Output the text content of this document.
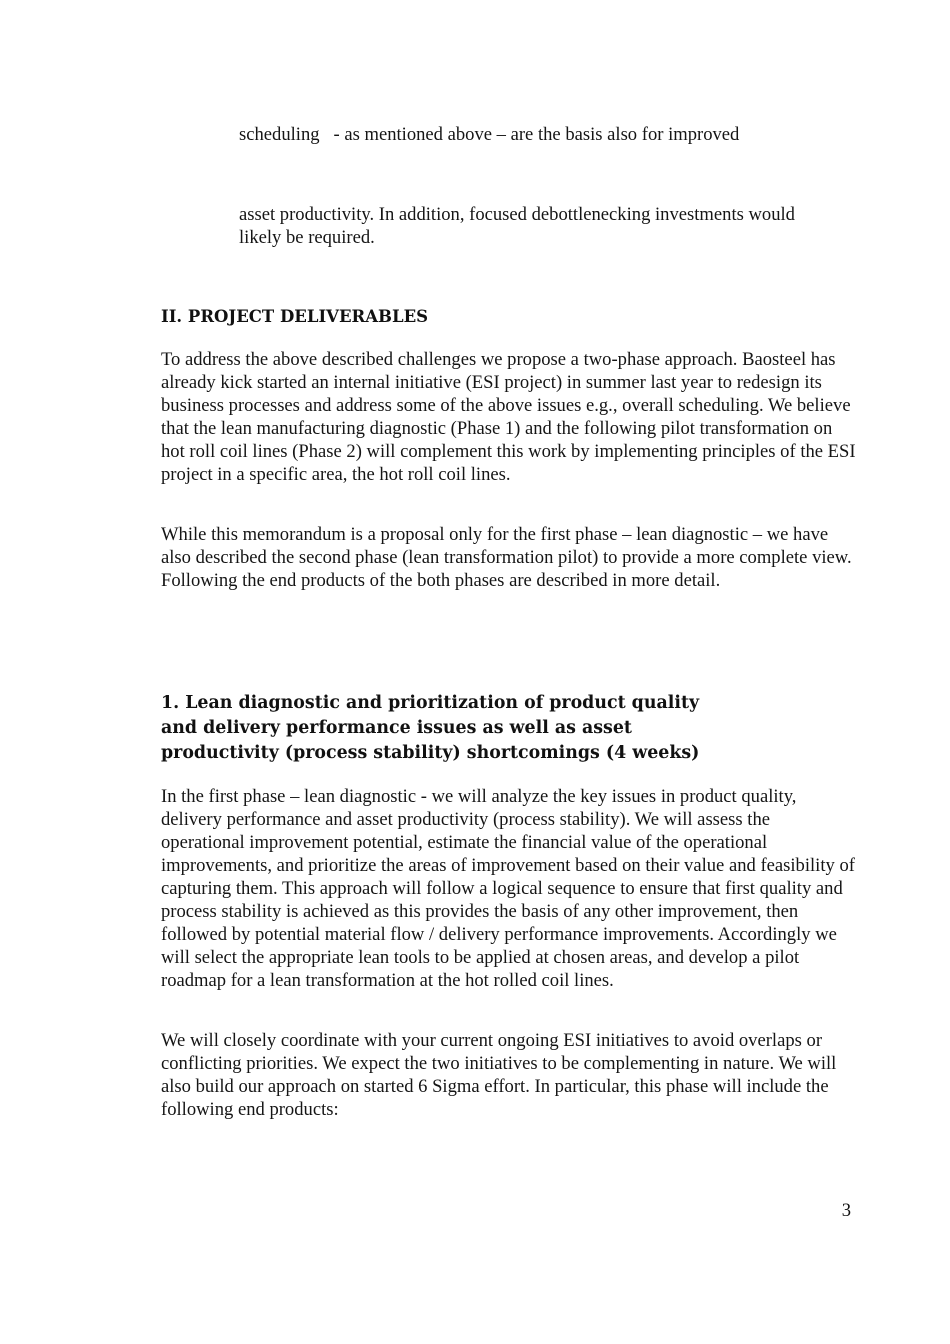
scheduling   - as mentioned above – are the basis also for improved

asset productivity. In addition, focused debottlenecking investments would likely be required.

II. PROJECT DELIVERABLES

To address the above described challenges we propose a two-phase approach. Baosteel has already kick started an internal initiative (ESI project) in summer last year to redesign its business processes and address some of the above issues e.g., overall scheduling. We believe that the lean manufacturing diagnostic (Phase 1) and the following pilot transformation on hot roll coil lines (Phase 2) will complement this work by implementing principles of the ESI project in a specific area, the hot roll coil lines.

While this memorandum is a proposal only for the first phase – lean diagnostic – we have also described the second phase (lean transformation pilot) to provide a more complete view. Following the end products of the both phases are described in more detail.

1. Lean diagnostic and prioritization of product quality and delivery performance issues as well as asset productivity (process stability) shortcomings (4 weeks)

In the first phase – lean diagnostic - we will analyze the key issues in product quality, delivery performance and asset productivity (process stability). We will assess the operational improvement potential, estimate the financial value of the operational improvements, and prioritize the areas of improvement based on their value and feasibility of capturing them. This approach will follow a logical sequence to ensure that first quality and process stability is achieved as this provides the basis of any other improvement, then followed by potential material flow / delivery performance improvements. Accordingly we will select the appropriate lean tools to be applied at chosen areas, and develop a pilot roadmap for a lean transformation at the hot rolled coil lines.

We will closely coordinate with your current ongoing ESI initiatives to avoid overlaps or conflicting priorities. We expect the two initiatives to be complementing in nature. We will also build our approach on started 6 Sigma effort. In particular, this phase will include the following end products:

3
